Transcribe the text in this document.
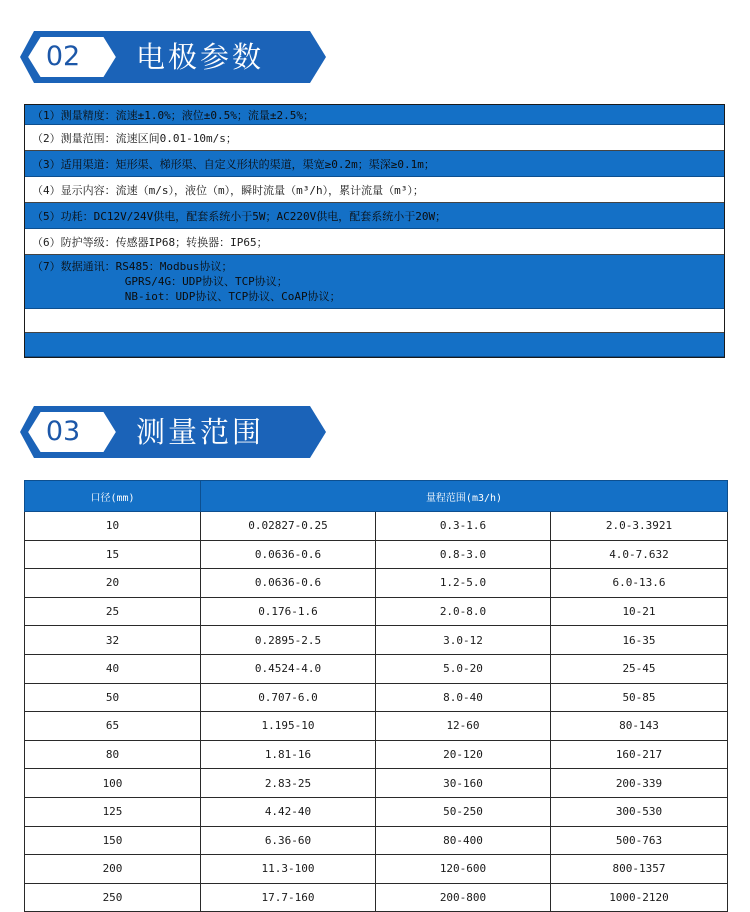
02	电极参数
（1）测量精度：流速±1.0%；液位±0.5%；流量±2.5%；
（2）测量范围：流速区间0.01-10m/s；
（3）适用渠道：矩形渠、梯形渠、自定义形状的渠道，渠宽≥0.2m；渠深≥0.1m；
（4）显示内容：流速（m/s），液位（m），瞬时流量（m³/h），累计流量（m³）；
（5）功耗：DC12V/24V供电，配套系统小于5W；AC220V供电，配套系统小于20W；
（6）防护等级：传感器IP68；转换器：IP65；
（7）数据通讯：RS485：Modbus协议；
GPRS/4G：UDP协议、TCP协议；
NB-iot：UDP协议、TCP协议、CoAP协议；
03	测量范围
口径(mm)	量程范围(m3/h)		
10	0.02827-0.25	0.3-1.6	2.0-3.3921
15	0.0636-0.6	0.8-3.0	4.0-7.632
20	0.0636-0.6	1.2-5.0	6.0-13.6
25	0.176-1.6	2.0-8.0	10-21
32	0.2895-2.5	3.0-12	16-35
40	0.4524-4.0	5.0-20	25-45
50	0.707-6.0	8.0-40	50-85
65	1.195-10	12-60	80-143
80	1.81-16	20-120	160-217
100	2.83-25	30-160	200-339
125	4.42-40	50-250	300-530
150	6.36-60	80-400	500-763
200	11.3-100	120-600	800-1357
250	17.7-160	200-800	1000-2120
